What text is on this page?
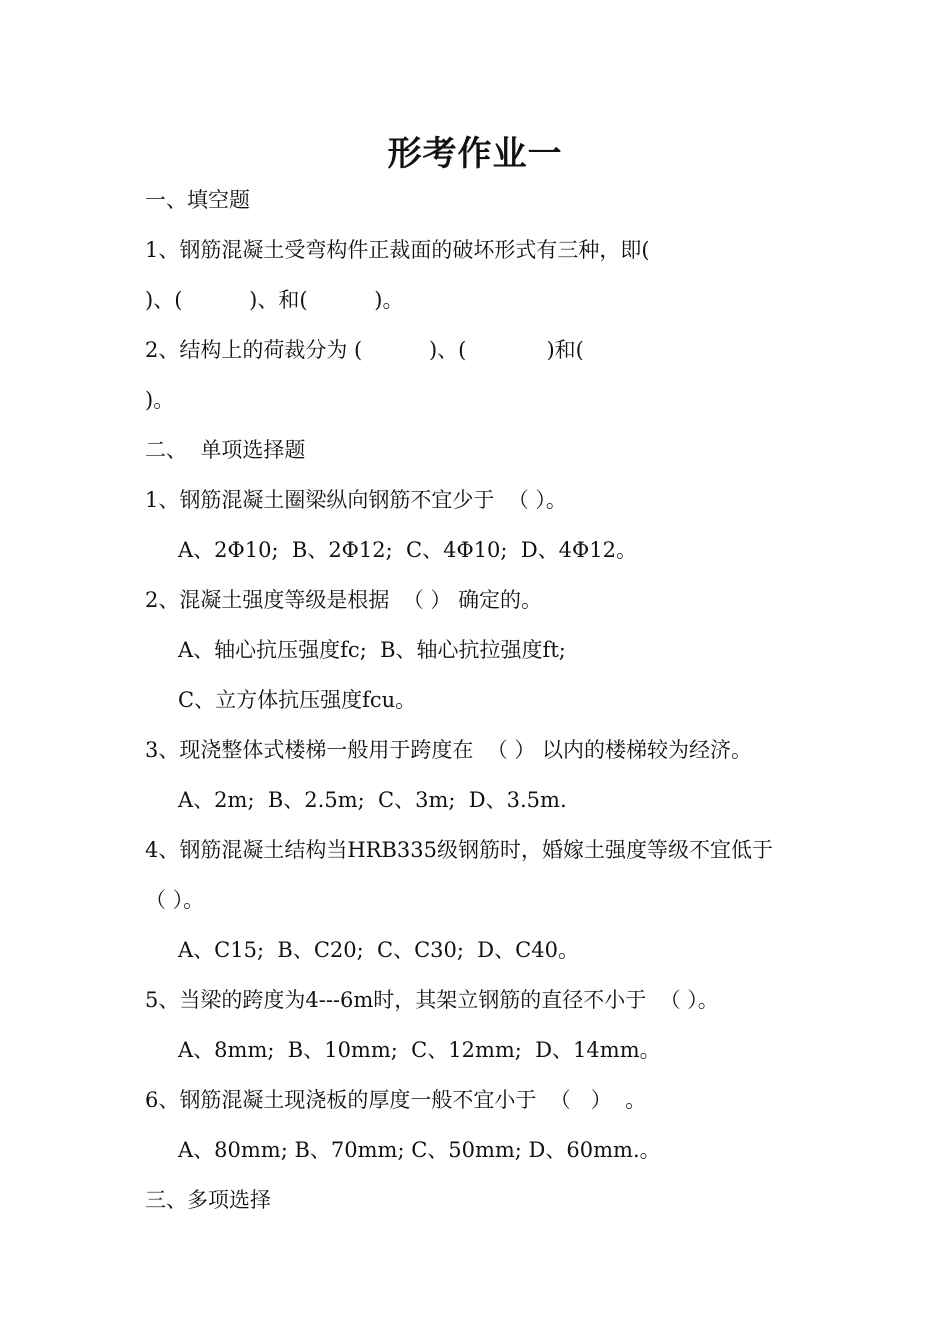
形考作业一
一、填空题
1、钢筋混凝土受弯构件正裁面的破坏形式有三种，即(
)、(          )、和(          )。
2、结构上的荷裁分为 (          )、(            )和(
)。
二、  单项选择题
1、钢筋混凝土圈梁纵向钢筋不宜少于  （ ）。
A、2Φ10;  B、2Φ12;  C、4Φ10;  D、4Φ12。
2、混凝土强度等级是根据  （ ） 确定的。
A、轴心抗压强度fc;  B、轴心抗拉强度ft;
C、立方体抗压强度fcu。
3、现浇整体式楼梯一般用于跨度在  （ ） 以内的楼梯较为经济。
A、2m;  B、2.5m;  C、3m;  D、3.5m.
4、钢筋混凝土结构当HRB335级钢筋时，婚嫁土强度等级不宜低于
（ ）。
A、C15;  B、C20;  C、C30;  D、C40。
5、当梁的跨度为4---6m时，其架立钢筋的直径不小于  （ ）。
A、8mm;  B、10mm;  C、12mm;  D、14mm。
6、钢筋混凝土现浇板的厚度一般不宜小于  （   ）  。
A、80mm; B、70mm; C、50mm; D、60mm.。
三、多项选择
